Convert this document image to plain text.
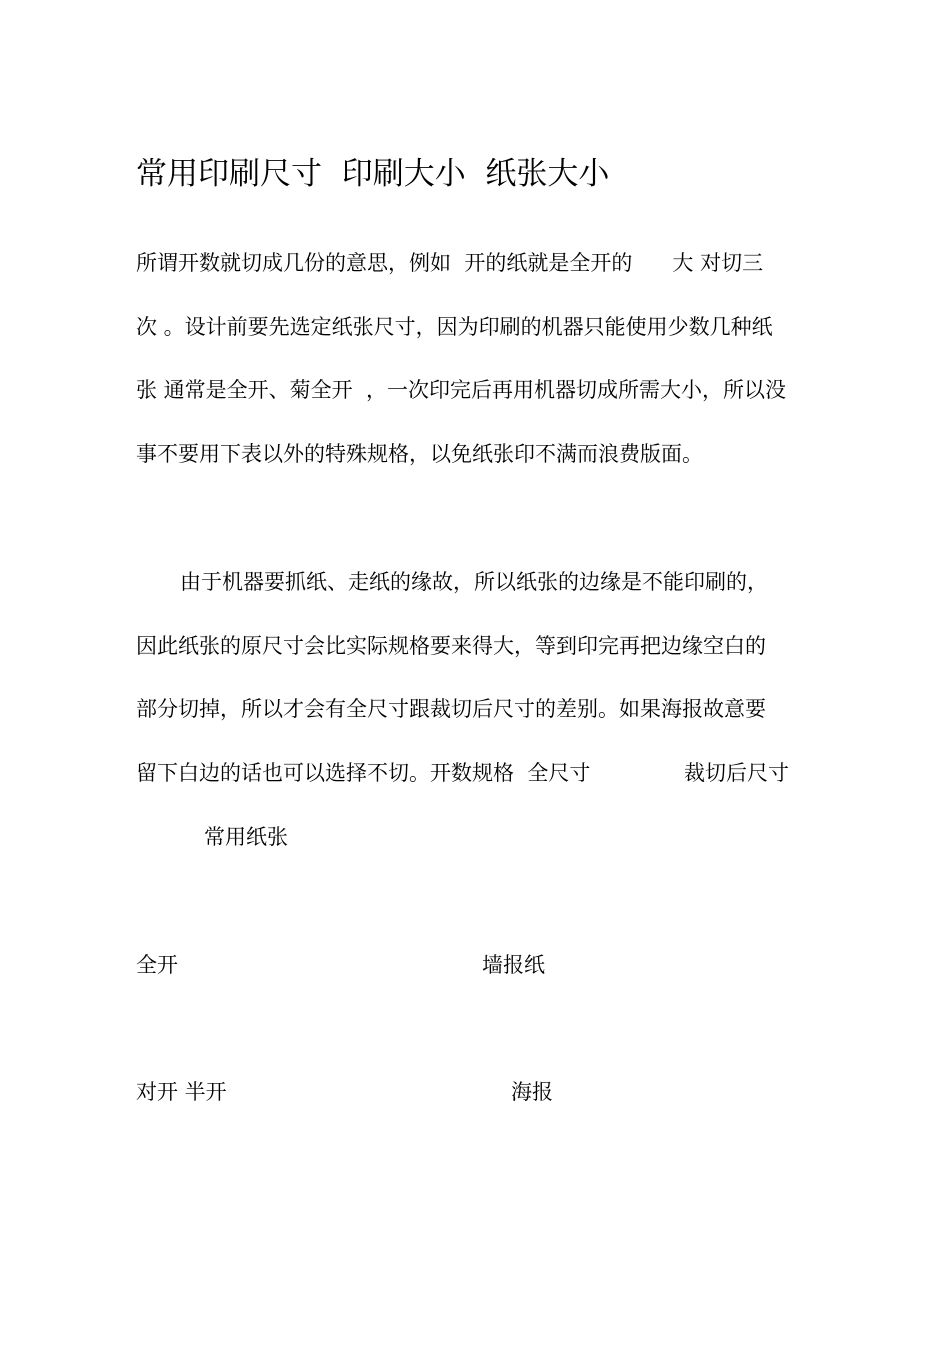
常用印刷尺寸  印刷大小  纸张大小

所谓开数就切成几份的意思，例如  开的纸就是全开的      大 对切三

次 。设计前要先选定纸张尺寸，因为印刷的机器只能使用少数几种纸

张 通常是全开、菊全开  ，一次印完后再用机器切成所需大小，所以没

事不要用下表以外的特殊规格，以免纸张印不满而浪费版面。

由于机器要抓纸、走纸的缘故，所以纸张的边缘是不能印刷的，

因此纸张的原尺寸会比实际规格要来得大，等到印完再把边缘空白的

部分切掉，所以才会有全尺寸跟裁切后尺寸的差别。如果海报故意要

留下白边的话也可以选择不切。开数规格  全尺寸	裁切后尺寸
常用纸张
全开	墙报纸
对开 半开	海报
